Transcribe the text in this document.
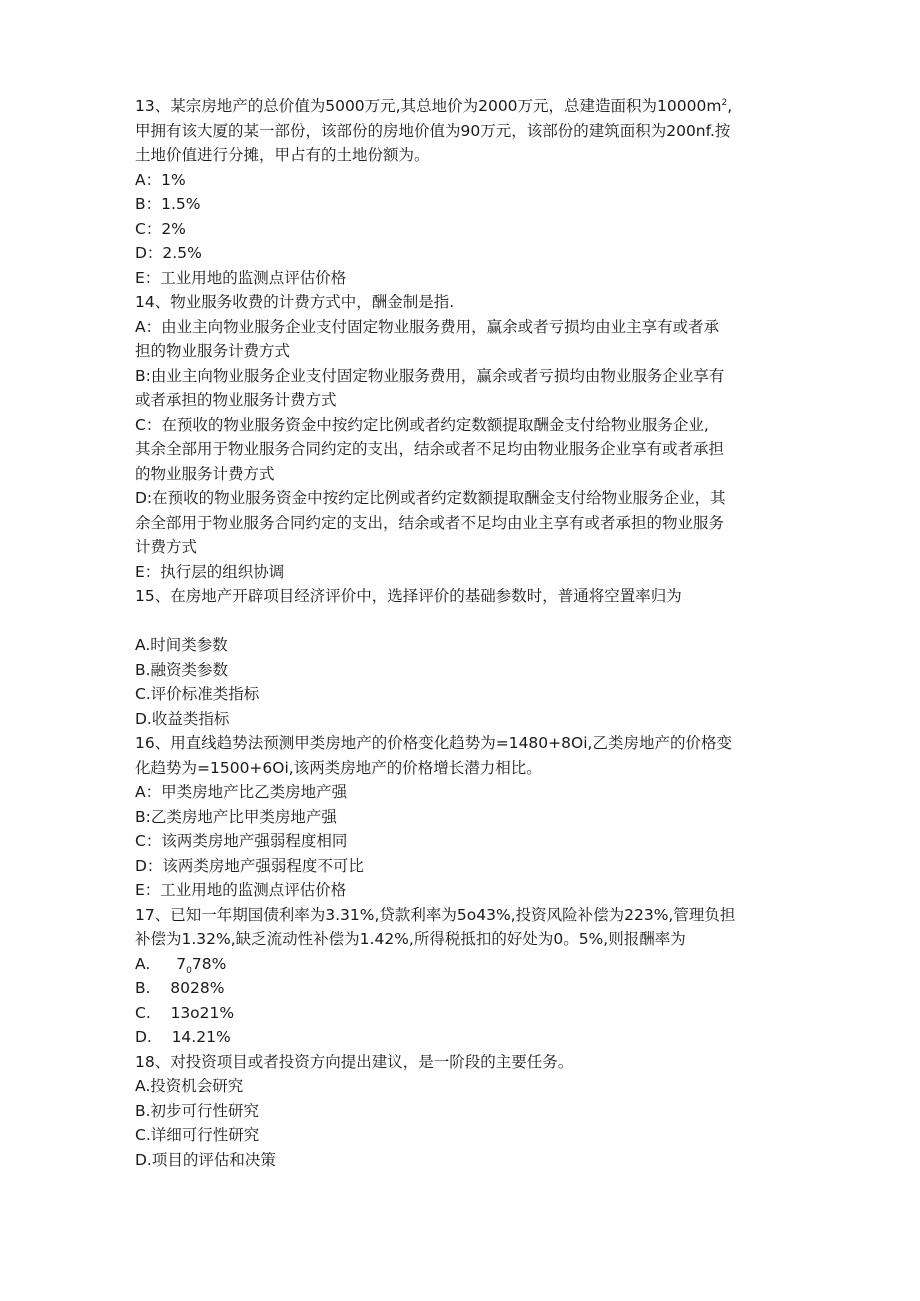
13、某宗房地产的总价值为5000万元,其总地价为2000万元，总建造面积为$10000m^2$,
甲拥有该大厦的某一部份，该部份的房地价值为90万元，该部份的建筑面积为200nf.按
土地价值进行分摊，甲占有的土地份额为。
A：1%
B：1.5%
C：2%
D：2.5%
E：工业用地的监测点评估价格
14、物业服务收费的计费方式中，酬金制是指.
A：由业主向物业服务企业支付固定物业服务费用，赢余或者亏损均由业主享有或者承
担的物业服务计费方式
B:由业主向物业服务企业支付固定物业服务费用，赢余或者亏损均由物业服务企业享有
或者承担的物业服务计费方式
C：在预收的物业服务资金中按约定比例或者约定数额提取酬金支付给物业服务企业,
其余全部用于物业服务合同约定的支出，结余或者不足均由物业服务企业享有或者承担
的物业服务计费方式
D:在预收的物业服务资金中按约定比例或者约定数额提取酬金支付给物业服务企业，其
余全部用于物业服务合同约定的支出，结余或者不足均由业主享有或者承担的物业服务
计费方式
E：执行层的组织协调
15、在房地产开辟项目经济评价中，选择评价的基础参数时，普通将空置率归为
A.时间类参数
B.融资类参数
C.评价标准类指标
D.收益类指标
16、用直线趋势法预测甲类房地产的价格变化趋势为=1480+8Oi,乙类房地产的价格变
化趋势为=1500+6Oi,该两类房地产的价格增长潜力相比。
A：甲类房地产比乙类房地产强
B:乙类房地产比甲类房地产强
C：该两类房地产强弱程度相同
D：该两类房地产强弱程度不可比
E：工业用地的监测点评估价格
17、已知一年期国债利率为3.31%,贷款利率为5o43%,投资风险补偿为223%,管理负担
补偿为1.32%,缺乏流动性补偿为1.42%,所得税抵扣的好处为0。5%,则报酬率为
A. $7_078\%$
B.    8028%
C.    13o21%
D.    14.21%
18、对投资项目或者投资方向提出建议，是一阶段的主要任务。
A.投资机会研究
B.初步可行性研究
C.详细可行性研究
D.项目的评估和决策
